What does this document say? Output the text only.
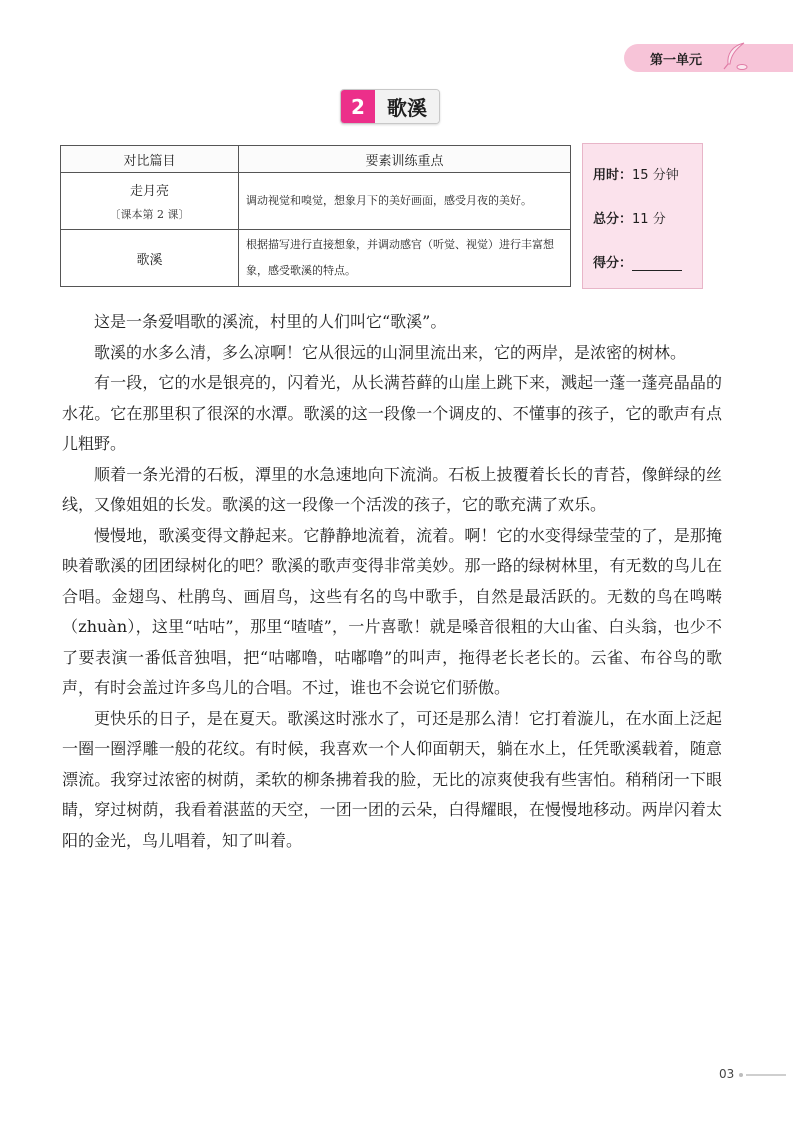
第一单元
2	歌溪
对比篇目	要素训练重点

走月亮
〔课本第 2 课〕	调动视觉和嗅觉，想象月下的美好画面，感受月夜的美好。

歌溪	根据描写进行直接想象，并调动感官（听觉、视觉）进行丰富想象，感受歌溪的特点。
用时：15 分钟
总分：11 分
得分：

这是一条爱唱歌的溪流，村里的人们叫它“歌溪”。

歌溪的水多么清，多么凉啊！它从很远的山洞里流出来，它的两岸，是浓密的树林。

有一段，它的水是银亮的，闪着光，从长满苔藓的山崖上跳下来，溅起一蓬一蓬亮晶晶的水花。它在那里积了很深的水潭。歌溪的这一段像一个调皮的、不懂事的孩子，它的歌声有点儿粗野。

顺着一条光滑的石板，潭里的水急速地向下流淌。石板上披覆着长长的青苔，像鲜绿的丝线，又像姐姐的长发。歌溪的这一段像一个活泼的孩子，它的歌充满了欢乐。

慢慢地，歌溪变得文静起来。它静静地流着，流着。啊！它的水变得绿莹莹的了，是那掩映着歌溪的团团绿树化的吧？歌溪的歌声变得非常美妙。那一路的绿树林里，有无数的鸟儿在合唱。金翅鸟、杜鹃鸟、画眉鸟，这些有名的鸟中歌手，自然是最活跃的。无数的鸟在鸣啭（zhuàn），这里“咕咕”，那里“喳喳”，一片喜歌！就是嗓音很粗的大山雀、白头翁，也少不了要表演一番低音独唱，把“咕嘟噜，咕嘟噜”的叫声，拖得老长老长的。云雀、布谷鸟的歌声，有时会盖过许多鸟儿的合唱。不过，谁也不会说它们骄傲。

更快乐的日子，是在夏天。歌溪这时涨水了，可还是那么清！它打着漩儿，在水面上泛起一圈一圈浮雕一般的花纹。有时候，我喜欢一个人仰面朝天，躺在水上，任凭歌溪载着，随意漂流。我穿过浓密的树荫，柔软的柳条拂着我的脸，无比的凉爽使我有些害怕。稍稍闭一下眼睛，穿过树荫，我看着湛蓝的天空，一团一团的云朵，白得耀眼，在慢慢地移动。两岸闪着太阳的金光，鸟儿唱着，知了叫着。

03
